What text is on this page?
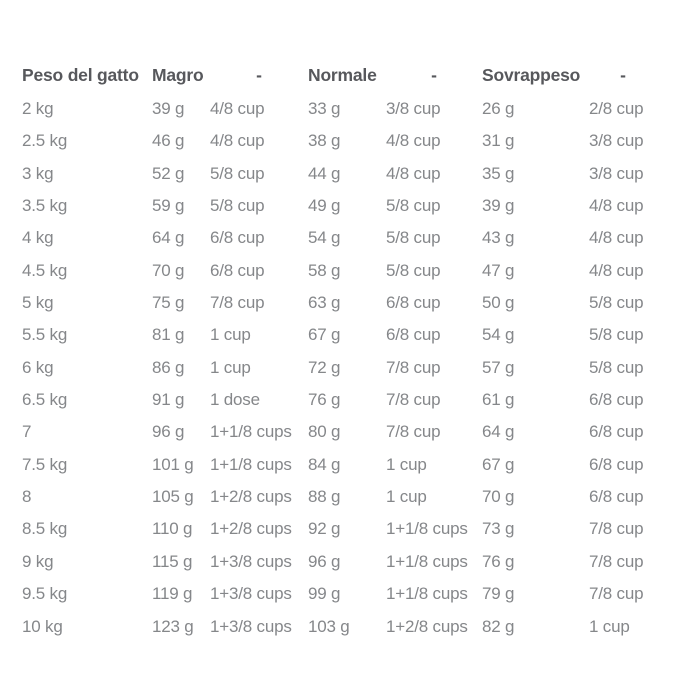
Peso del gatto Magro	-	Normale	-	Sovrappeso	-
2 kg	39 g	4/8 cup	33 g	3/8 cup	26 g	2/8 cup
2.5 kg	46 g	4/8 cup	38 g	4/8 cup	31 g	3/8 cup
3 kg	52 g	5/8 cup	44 g	4/8 cup	35 g	3/8 cup
3.5 kg	59 g	5/8 cup	49 g	5/8 cup	39 g	4/8 cup
4 kg	64 g	6/8 cup	54 g	5/8 cup	43 g	4/8 cup
4.5 kg	70 g	6/8 cup	58 g	5/8 cup	47 g	4/8 cup
5 kg	75 g	7/8 cup	63 g	6/8 cup	50 g	5/8 cup
5.5 kg	81 g	1 cup	67 g	6/8 cup	54 g	5/8 cup
6 kg	86 g	1 cup	72 g	7/8 cup	57 g	5/8 cup
6.5 kg	91 g	1 dose	76 g	7/8 cup	61 g	6/8 cup
7	96 g	1+1/8 cups 80 g	7/8 cup	64 g	6/8 cup
7.5 kg	101 g 1+1/8 cups 84 g	1 cup	67 g	6/8 cup
8	105 g 1+2/8 cups 88 g	1 cup	70 g	6/8 cup
8.5 kg	110 g	1+2/8 cups 92 g	1+1/8 cups 73 g	7/8 cup
9 kg	115 g	1+3/8 cups 96 g	1+1/8 cups 76 g	7/8 cup
9.5 kg	119 g	1+3/8 cups 99 g	1+1/8 cups 79 g	7/8 cup
10 kg	123 g 1+3/8 cups 103 g	1+2/8 cups 82 g	1 cup
